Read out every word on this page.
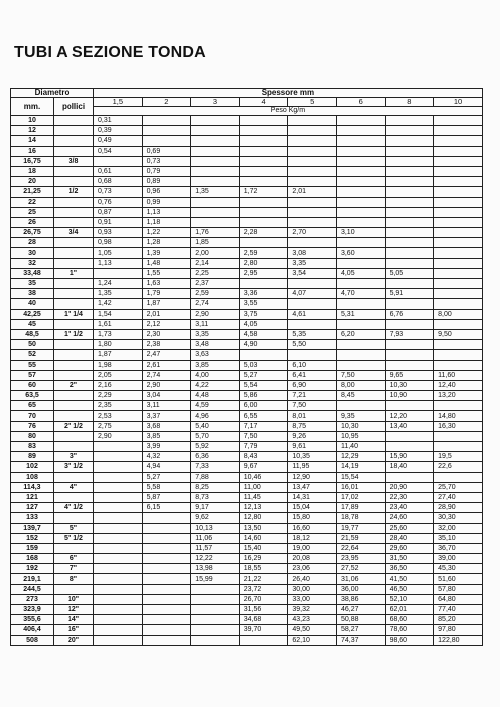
TUBI A SEZIONE TONDA
Diametro		Spessore mm							
mm.	pollici	1,5	2	3	4	5	6	8	10
		Peso Kg/m							
10		0,31							
12		0,39							
14		0,49							
16		0,54	0,69						
16,75	3/8		0,73						
18		0,61	0,79						
20		0,68	0,89						
21,25	1/2	0,73	0,96	1,35	1,72	2,01			
22		0,76	0,99						
25		0,87	1,13						
26		0,91	1,18						
26,75	3/4	0,93	1,22	1,76	2,28	2,70	3,10		
28		0,98	1,28	1,85					
30		1,05	1,39	2,00	2,59	3,08	3,60		
32		1,13	1,48	2,14	2,80	3,35			
33,48	1"		1,55	2,25	2,95	3,54	4,05	5,05	
35		1,24	1,63	2,37					
38		1,35	1,79	2,59	3,36	4,07	4,70	5,91	
40		1,42	1,87	2,74	3,55				
42,25	1" 1/4	1,54	2,01	2,90	3,75	4,61	5,31	6,76	8,00
45		1,61	2,12	3,11	4,05				
48,5	1" 1/2	1,73	2,30	3,35	4,58	5,35	6,20	7,93	9,50
50		1,80	2,38	3,48	4,90	5,50			
52		1,87	2,47	3,63					
55		1,98	2,61	3,85	5,03	6,10			
57		2,05	2,74	4,00	5,27	6,41	7,50	9,65	11,60
60	2"	2,16	2,90	4,22	5,54	6,90	8,00	10,30	12,40
63,5		2,29	3,04	4,48	5,86	7,21	8,45	10,90	13,20
65		2,35	3,11	4,59	6,00	7,50			
70		2,53	3,37	4,96	6,55	8,01	9,35	12,20	14,80
76	2" 1/2	2,75	3,68	5,40	7,17	8,75	10,30	13,40	16,30
80		2,90	3,85	5,70	7,50	9,26	10,95		
83			3,99	5,92	7,79	9,61	11,40		
89	3"		4,32	6,36	8,43	10,35	12,29	15,90	19,5
102	3" 1/2		4,94	7,33	9,67	11,95	14,19	18,40	22,6
108			5,27	7,88	10,46	12,90	15,54		
114,3	4"		5,58	8,25	11,00	13,47	16,01	20,90	25,70
121			5,87	8,73	11,45	14,31	17,02	22,30	27,40
127	4" 1/2		6,15	9,17	12,13	15,04	17,89	23,40	28,90
133				9,62	12,80	15,80	18,78	24,60	30,30
139,7	5"			10,13	13,50	16,60	19,77	25,60	32,00
152	5" 1/2			11,06	14,60	18,12	21,59	28,40	35,10
159				11,57	15,40	19,00	22,64	29,60	36,70
168	6"			12,22	16,29	20,08	23,95	31,50	39,00
192	7"			13,98	18,55	23,06	27,52	36,50	45,30
219,1	8"			15,99	21,22	26,40	31,06	41,50	51,60
244,5					23,72	30,00	36,00	46,50	57,80
273	10"				26,70	33,00	38,86	52,10	64,80
323,9	12"				31,56	39,32	46,27	62,01	77,40
355,6	14"				34,68	43,23	50,88	68,60	85,20
406,4	16"				39,70	49,50	58,27	78,60	97,80
508	20"					62,10	74,37	98,60	122,80
